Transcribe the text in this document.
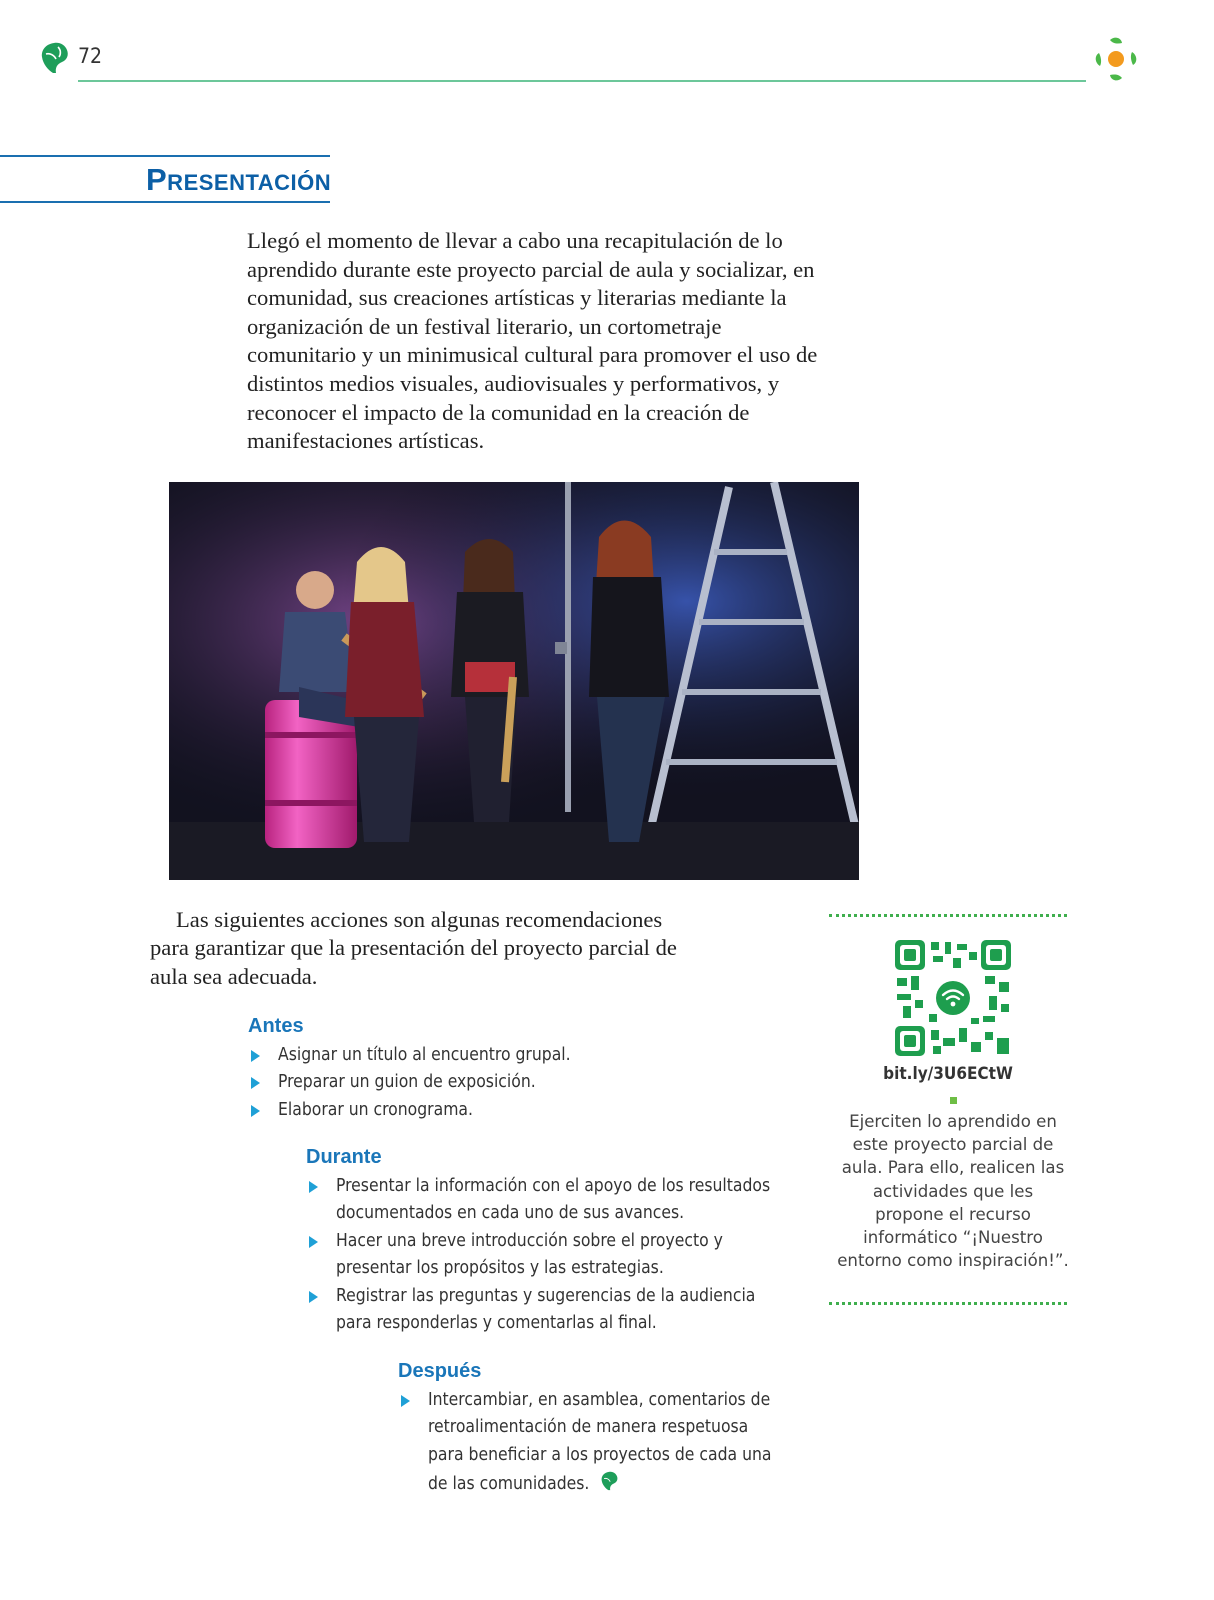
72
Presentación
Llegó el momento de llevar a cabo una recapitulación de lo aprendido durante este proyecto parcial de aula y socializar, en comunidad, sus creaciones artísticas y literarias mediante la organización de un festival literario, un cortometraje comunitario y un minimusical cultural para promover el uso de distintos medios visuales, audiovisuales y performativos, y reconocer el impacto de la comunidad en la creación de manifestaciones artísticas.
Las siguientes acciones son algunas recomendaciones para garantizar que la presentación del proyecto parcial de aula sea adecuada.
Antes
Asignar un título al encuentro grupal.
Preparar un guion de exposición.
Elaborar un cronograma.
Durante
Presentar la información con el apoyo de los resultados documentados en cada uno de sus avances.
Hacer una breve introducción sobre el proyecto y presentar los propósitos y las estrategias.
Registrar las preguntas y sugerencias de la audiencia para responderlas y comentarlas al final.
Después
Intercambiar, en asamblea, comentarios de retroalimentación de manera respetuosa para beneficiar a los proyectos de cada una de las comunidades.
bit.ly/3U6ECtW
Ejerciten lo aprendido en este proyecto parcial de aula. Para ello, realicen las actividades que les propone el recurso informático “¡Nuestro entorno como inspiración!”.
